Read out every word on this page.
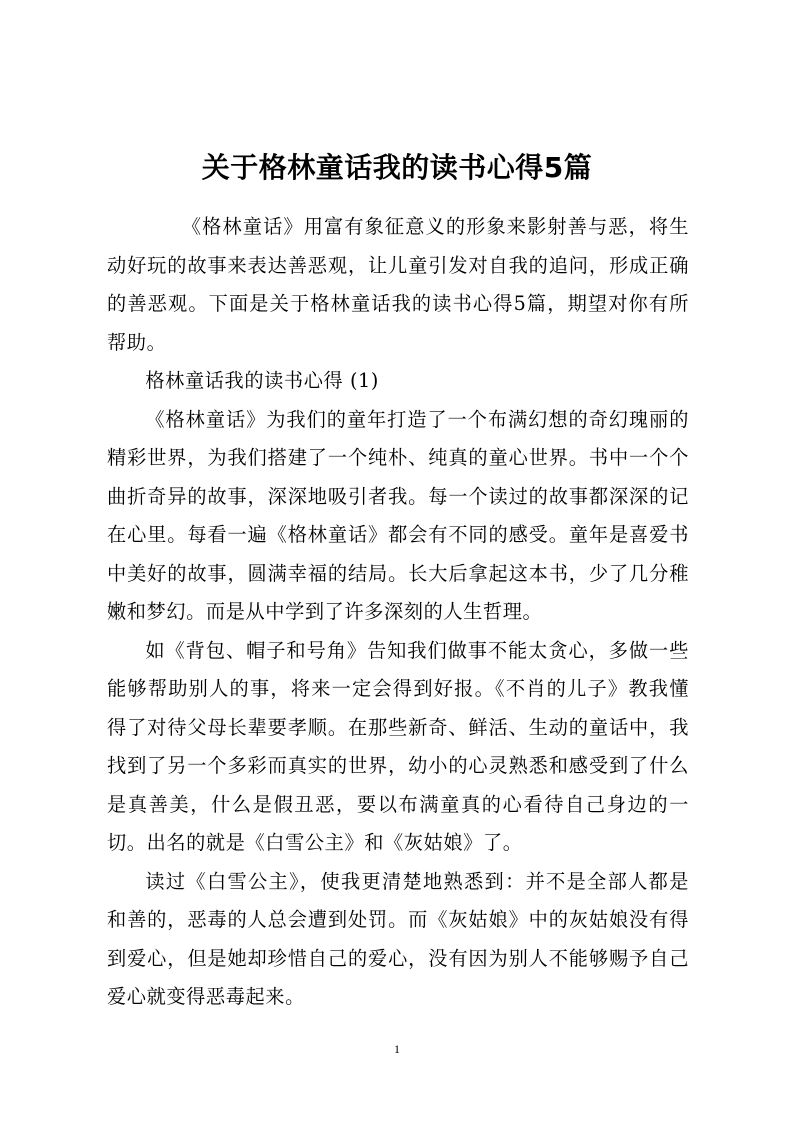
关于格林童话我的读书心得5篇

《格林童话》用富有象征意义的形象来影射善与恶，将生动好玩的故事来表达善恶观，让儿童引发对自我的追问，形成正确的善恶观。下面是关于格林童话我的读书心得5篇，期望对你有所帮助。

格林童话我的读书心得 (1)

《格林童话》为我们的童年打造了一个布满幻想的奇幻瑰丽的精彩世界，为我们搭建了一个纯朴、纯真的童心世界。书中一个个曲折奇异的故事，深深地吸引者我。每一个读过的故事都深深的记在心里。每看一遍《格林童话》都会有不同的感受。童年是喜爱书中美好的故事，圆满幸福的结局。长大后拿起这本书，少了几分稚嫩和梦幻。而是从中学到了许多深刻的人生哲理。

如《背包、帽子和号角》告知我们做事不能太贪心，多做一些能够帮助别人的事，将来一定会得到好报。《不肖的儿子》教我懂得了对待父母长辈要孝顺。在那些新奇、鲜活、生动的童话中，我找到了另一个多彩而真实的世界，幼小的心灵熟悉和感受到了什么是真善美，什么是假丑恶，要以布满童真的心看待自己身边的一切。出名的就是《白雪公主》和《灰姑娘》了。

读过《白雪公主》，使我更清楚地熟悉到：并不是全部人都是和善的，恶毒的人总会遭到处罚。而《灰姑娘》中的灰姑娘没有得到爱心，但是她却珍惜自己的爱心，没有因为别人不能够赐予自己爱心就变得恶毒起来。

1
